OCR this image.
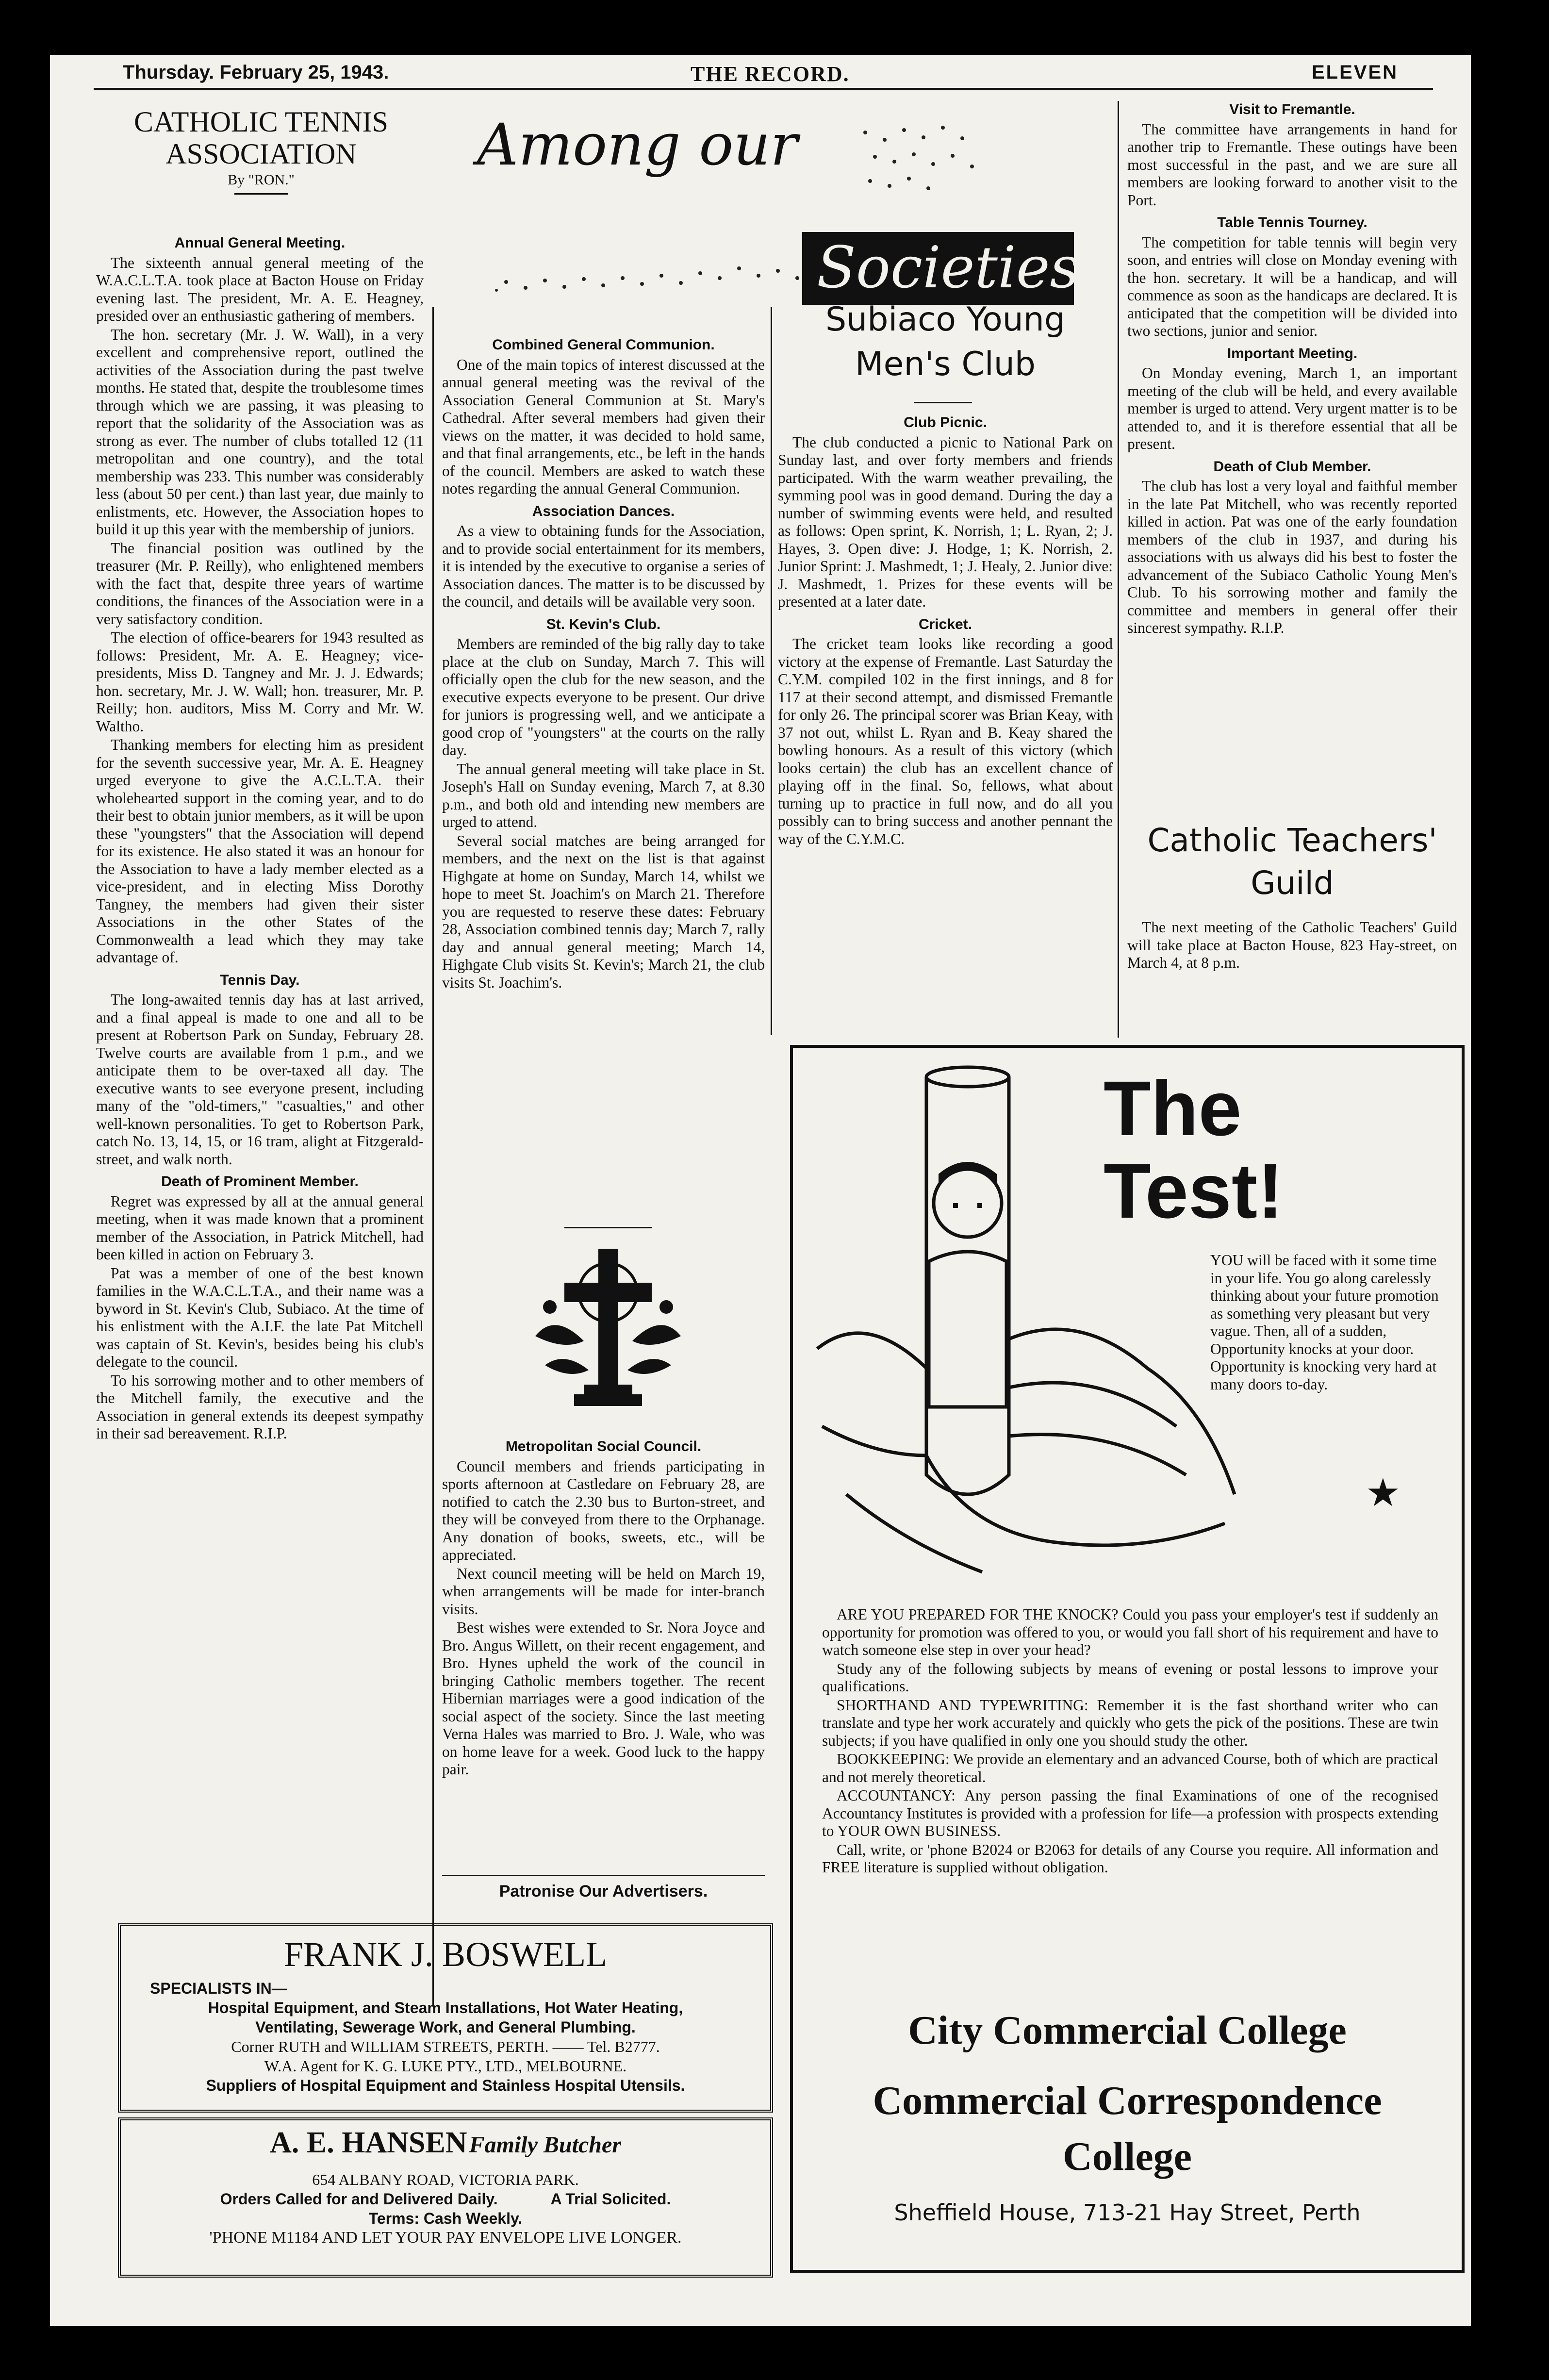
Thursday. February 25, 1943.	THE RECORD.	ELEVEN
CATHOLIC TENNIS
ASSOCIATION
By "RON."
Annual General Meeting.

The sixteenth annual general meeting of the W.A.C.L.T.A. took place at Bacton House on Friday evening last. The president, Mr. A. E. Heagney, presided over an enthusiastic gathering of members.

The hon. secretary (Mr. J. W. Wall), in a very excellent and comprehensive report, outlined the activities of the Association during the past twelve months. He stated that, despite the troublesome times through which we are passing, it was pleasing to report that the solidarity of the Association was as strong as ever. The number of clubs totalled 12 (11 metropolitan and one country), and the total membership was 233. This number was considerably less (about 50 per cent.) than last year, due mainly to enlistments, etc. However, the Association hopes to build it up this year with the membership of juniors.

The financial position was outlined by the treasurer (Mr. P. Reilly), who enlightened members with the fact that, despite three years of wartime conditions, the finances of the Association were in a very satisfactory condition.

The election of office-bearers for 1943 resulted as follows: President, Mr. A. E. Heagney; vice-presidents, Miss D. Tangney and Mr. J. J. Edwards; hon. secretary, Mr. J. W. Wall; hon. treasurer, Mr. P. Reilly; hon. auditors, Miss M. Corry and Mr. W. Waltho.

Thanking members for electing him as president for the seventh successive year, Mr. A. E. Heagney urged everyone to give the A.C.L.T.A. their wholehearted support in the coming year, and to do their best to obtain junior members, as it will be upon these "youngsters" that the Association will depend for its existence. He also stated it was an honour for the Association to have a lady member elected as a vice-president, and in electing Miss Dorothy Tangney, the members had given their sister Associations in the other States of the Commonwealth a lead which they may take advantage of.

Tennis Day.

The long-awaited tennis day has at last arrived, and a final appeal is made to one and all to be present at Robertson Park on Sunday, February 28. Twelve courts are available from 1 p.m., and we anticipate them to be over-taxed all day. The executive wants to see everyone present, including many of the "old-timers," "casualties," and other well-known personalities. To get to Robertson Park, catch No. 13, 14, 15, or 16 tram, alight at Fitzgerald-street, and walk north.

Death of Prominent Member.

Regret was expressed by all at the annual general meeting, when it was made known that a prominent member of the Association, in Patrick Mitchell, had been killed in action on February 3.

Pat was a member of one of the best known families in the W.A.C.L.T.A., and their name was a byword in St. Kevin's Club, Subiaco. At the time of his enlistment with the A.I.F. the late Pat Mitchell was captain of St. Kevin's, besides being his club's delegate to the council.

To his sorrowing mother and to other members of the Mitchell family, the executive and the Association in general extends its deepest sympathy in their sad bereavement. R.I.P.

Among our
Societies
Combined General Communion.

One of the main topics of interest discussed at the annual general meeting was the revival of the Association General Communion at St. Mary's Cathedral. After several members had given their views on the matter, it was decided to hold same, and that final arrangements, etc., be left in the hands of the council. Members are asked to watch these notes regarding the annual General Communion.

Association Dances.

As a view to obtaining funds for the Association, and to provide social entertainment for its members, it is intended by the executive to organise a series of Association dances. The matter is to be discussed by the council, and details will be available very soon.

St. Kevin's Club.

Members are reminded of the big rally day to take place at the club on Sunday, March 7. This will officially open the club for the new season, and the executive expects everyone to be present. Our drive for juniors is progressing well, and we anticipate a good crop of "youngsters" at the courts on the rally day.

The annual general meeting will take place in St. Joseph's Hall on Sunday evening, March 7, at 8.30 p.m., and both old and intending new members are urged to attend.

Several social matches are being arranged for members, and the next on the list is that against Highgate at home on Sunday, March 14, whilst we hope to meet St. Joachim's on March 21. Therefore you are requested to reserve these dates: February 28, Association combined tennis day; March 7, rally day and annual general meeting; March 14, Highgate Club visits St. Kevin's; March 21, the club visits St. Joachim's.

Metropolitan Social Council.

Council members and friends participating in sports afternoon at Castledare on February 28, are notified to catch the 2.30 bus to Burton-street, and they will be conveyed from there to the Orphanage. Any donation of books, sweets, etc., will be appreciated.

Next council meeting will be held on March 19, when arrangements will be made for inter-branch visits.

Best wishes were extended to Sr. Nora Joyce and Bro. Angus Willett, on their recent engagement, and Bro. Hynes upheld the work of the council in bringing Catholic members together. The recent Hibernian marriages were a good indication of the social aspect of the society. Since the last meeting Verna Hales was married to Bro. J. Wale, who was on home leave for a week. Good luck to the happy pair.

Patronise Our Advertisers.
Subiaco Young
Men's Club
Club Picnic.

The club conducted a picnic to National Park on Sunday last, and over forty members and friends participated. With the warm weather prevailing, the symming pool was in good demand. During the day a number of swimming events were held, and resulted as follows: Open sprint, K. Norrish, 1; L. Ryan, 2; J. Hayes, 3. Open dive: J. Hodge, 1; K. Norrish, 2. Junior Sprint: J. Mashmedt, 1; J. Healy, 2. Junior dive: J. Mashmedt, 1. Prizes for these events will be presented at a later date.

Cricket.

The cricket team looks like recording a good victory at the expense of Fremantle. Last Saturday the C.Y.M. compiled 102 in the first innings, and 8 for 117 at their second attempt, and dismissed Fremantle for only 26. The principal scorer was Brian Keay, with 37 not out, whilst L. Ryan and B. Keay shared the bowling honours. As a result of this victory (which looks certain) the club has an excellent chance of playing off in the final. So, fellows, what about turning up to practice in full now, and do all you possibly can to bring success and another pennant the way of the C.Y.M.C.

Visit to Fremantle.

The committee have arrangements in hand for another trip to Fremantle. These outings have been most successful in the past, and we are sure all members are looking forward to another visit to the Port.

Table Tennis Tourney.

The competition for table tennis will begin very soon, and entries will close on Monday evening with the hon. secretary. It will be a handicap, and will commence as soon as the handicaps are declared. It is anticipated that the competition will be divided into two sections, junior and senior.

Important Meeting.

On Monday evening, March 1, an important meeting of the club will be held, and every available member is urged to attend. Very urgent matter is to be attended to, and it is therefore essential that all be present.

Death of Club Member.

The club has lost a very loyal and faithful member in the late Pat Mitchell, who was recently reported killed in action. Pat was one of the early foundation members of the club in 1937, and during his associations with us always did his best to foster the advancement of the Subiaco Catholic Young Men's Club. To his sorrowing mother and family the committee and members in general offer their sincerest sympathy. R.I.P.

Catholic Teachers'
Guild

The next meeting of the Catholic Teachers' Guild will take place at Bacton House, 823 Hay-street, on March 4, at 8 p.m.

The
Test!

YOU will be faced with it some time in your life. You go along carelessly thinking about your future promotion as something very pleasant but very vague. Then, all of a sudden, Opportunity knocks at your door. Opportunity is knocking very hard at many doors to-day.

★

ARE YOU PREPARED FOR THE KNOCK? Could you pass your employer's test if suddenly an opportunity for promotion was offered to you, or would you fall short of his requirement and have to watch someone else step in over your head?

Study any of the following subjects by means of evening or postal lessons to improve your qualifications.

SHORTHAND AND TYPEWRITING: Remember it is the fast shorthand writer who can translate and type her work accurately and quickly who gets the pick of the positions. These are twin subjects; if you have qualified in only one you should study the other.

BOOKKEEPING: We provide an elementary and an advanced Course, both of which are practical and not merely theoretical.

ACCOUNTANCY: Any person passing the final Examinations of one of the recognised Accountancy Institutes is provided with a profession for life—a profession with prospects extending to YOUR OWN BUSINESS.

Call, write, or 'phone B2024 or B2063 for details of any Course you require. All information and FREE literature is supplied without obligation.

City Commercial College
Commercial Correspondence
College
Sheffield House, 713-21 Hay Street, Perth
FRANK J. BOSWELL
SPECIALISTS IN—
Hospital Equipment, and Steam Installations, Hot Water Heating,
Ventilating, Sewerage Work, and General Plumbing.
Corner RUTH and WILLIAM STREETS, PERTH. —— Tel. B2777.
W.A. Agent for K. G. LUKE PTY., LTD., MELBOURNE.
Suppliers of Hospital Equipment and Stainless Hospital Utensils.
A. E. HANSEN Family Butcher
654 ALBANY ROAD, VICTORIA PARK.
Orders Called for and Delivered Daily.	A Trial Solicited.
Terms: Cash Weekly.
'PHONE M1184 AND LET YOUR PAY ENVELOPE LIVE LONGER.
